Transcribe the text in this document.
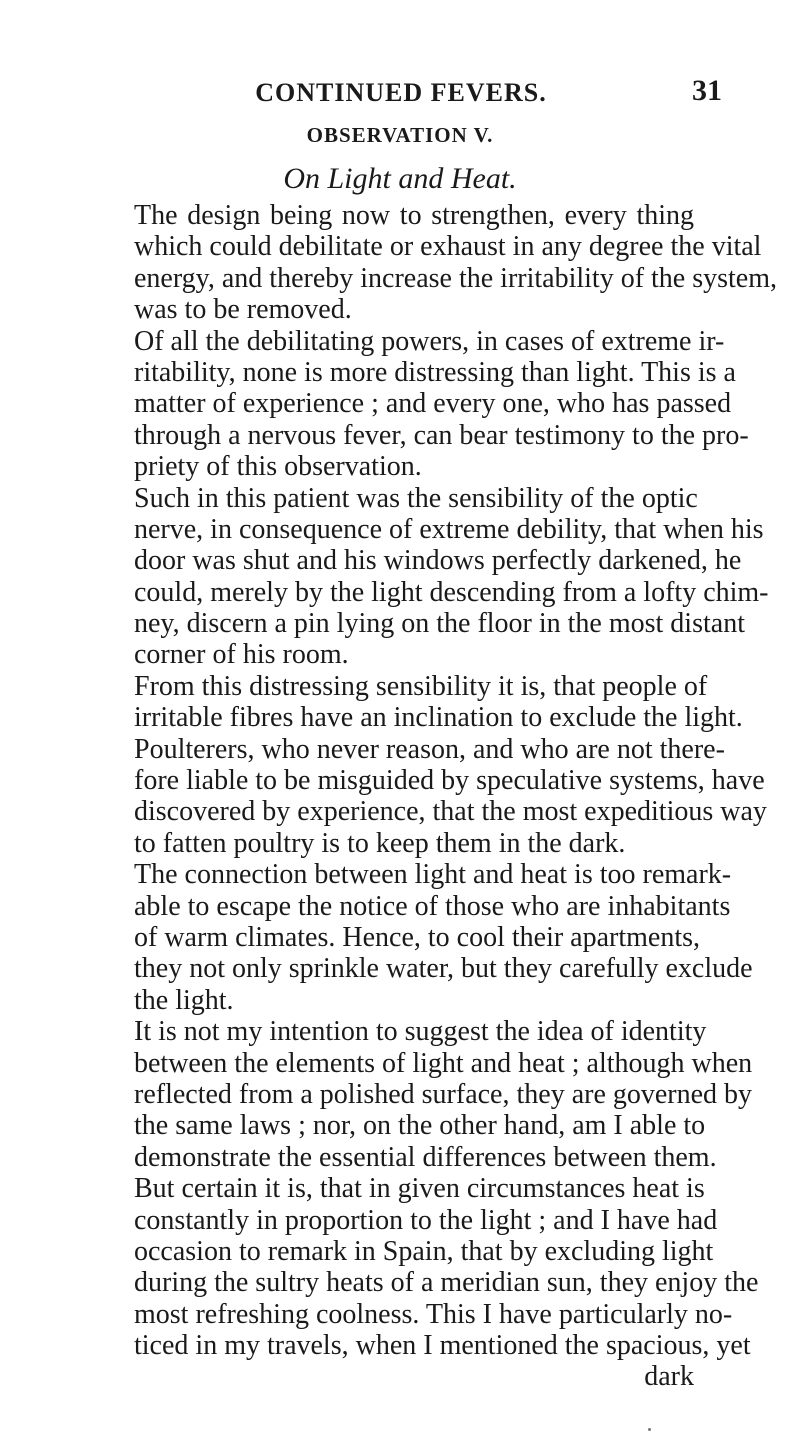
CONTINUED FEVERS.	31
OBSERVATION V.
On Light and Heat.
The design being now to strengthen, every thing
which could debilitate or exhaust in any degree the vital
energy, and thereby increase the irritability of the system,
was to be removed.
Of all the debilitating powers, in cases of extreme ir-
ritability, none is more distressing than light. This is a
matter of experience ; and every one, who has passed
through a nervous fever, can bear testimony to the pro-
priety of this observation.
Such in this patient was the sensibility of the optic
nerve, in consequence of extreme debility, that when his
door was shut and his windows perfectly darkened, he
could, merely by the light descending from a lofty chim-
ney, discern a pin lying on the floor in the most distant
corner of his room.
From this distressing sensibility it is, that people of
irritable fibres have an inclination to exclude the light.
Poulterers, who never reason, and who are not there-
fore liable to be misguided by speculative systems, have
discovered by experience, that the most expeditious way
to fatten poultry is to keep them in the dark.
The connection between light and heat is too remark-
able to escape the notice of those who are inhabitants
of warm climates. Hence, to cool their apartments,
they not only sprinkle water, but they carefully exclude
the light.
It is not my intention to suggest the idea of identity
between the elements of light and heat ; although when
reflected from a polished surface, they are governed by
the same laws ; nor, on the other hand, am I able to
demonstrate the essential differences between them.
But certain it is, that in given circumstances heat is
constantly in proportion to the light ; and I have had
occasion to remark in Spain, that by excluding light
during the sultry heats of a meridian sun, they enjoy the
most refreshing coolness. This I have particularly no-
ticed in my travels, when I mentioned the spacious, yet
dark
